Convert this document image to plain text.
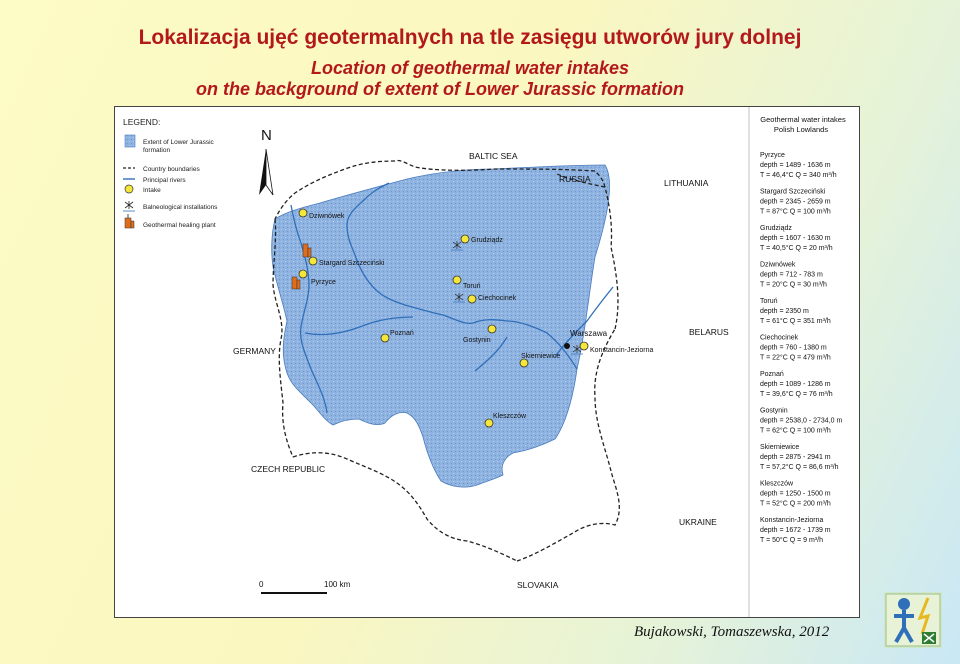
Lokalizacja ujęć geotermalnych na tle zasięgu utworów jury dolnej
Location of geothermal water intakes
on the background of extent of Lower Jurassic formation
LEGEND:
Extent of Lower Jurassic
formation
Country boundaries
Principal rivers
Intake
Balneological installations
Geothermal healing plant
N
BALTIC SEA
RUSSIA	LITHUANIA
BELARUS
GERMANY
CZECH REPUBLIC
UKRAINE
SLOVAKIA
Dziwnówek
Stargard Szczeciński
Pyrzyce
Grudziądz
Toruń
Ciechocinek
Poznań
Gostynin
Warszawa
Konstancin-Jeziorna
Skierniewice
Kleszczów
0	100 km
Geothermal water intakes
Polish Lowlands
Pyrzyce
depth = 1489 - 1636 m
T = 46,4°C Q = 340 m³/h
Stargard Szczeciński
depth = 2345 - 2659 m
T = 87°C Q = 100 m³/h
Grudziądz
depth = 1607 - 1630 m
T = 40,5°C Q = 20 m³/h
Dziwnówek
depth = 712 - 783 m
T = 20°C Q = 30 m³/h
Toruń
depth = 2350 m
T = 61°C Q = 351 m³/h
Ciechocinek
depth = 760 - 1380 m
T = 22°C Q = 479 m³/h
Poznań
depth = 1089 - 1286 m
T = 39,6°C Q = 76 m³/h
Gostynin
depth = 2538,0 - 2734,0 m
T = 62°C Q = 100 m³/h
Skierniewice
depth = 2875 - 2941 m
T = 57,2°C Q = 86,6 m³/h
Kleszczów
depth = 1250 - 1500 m
T = 52°C Q = 200 m³/h
Konstancin-Jeziorna
depth = 1672 - 1739 m
T = 50°C Q = 9 m³/h
Bujakowski, Tomaszewska, 2012
